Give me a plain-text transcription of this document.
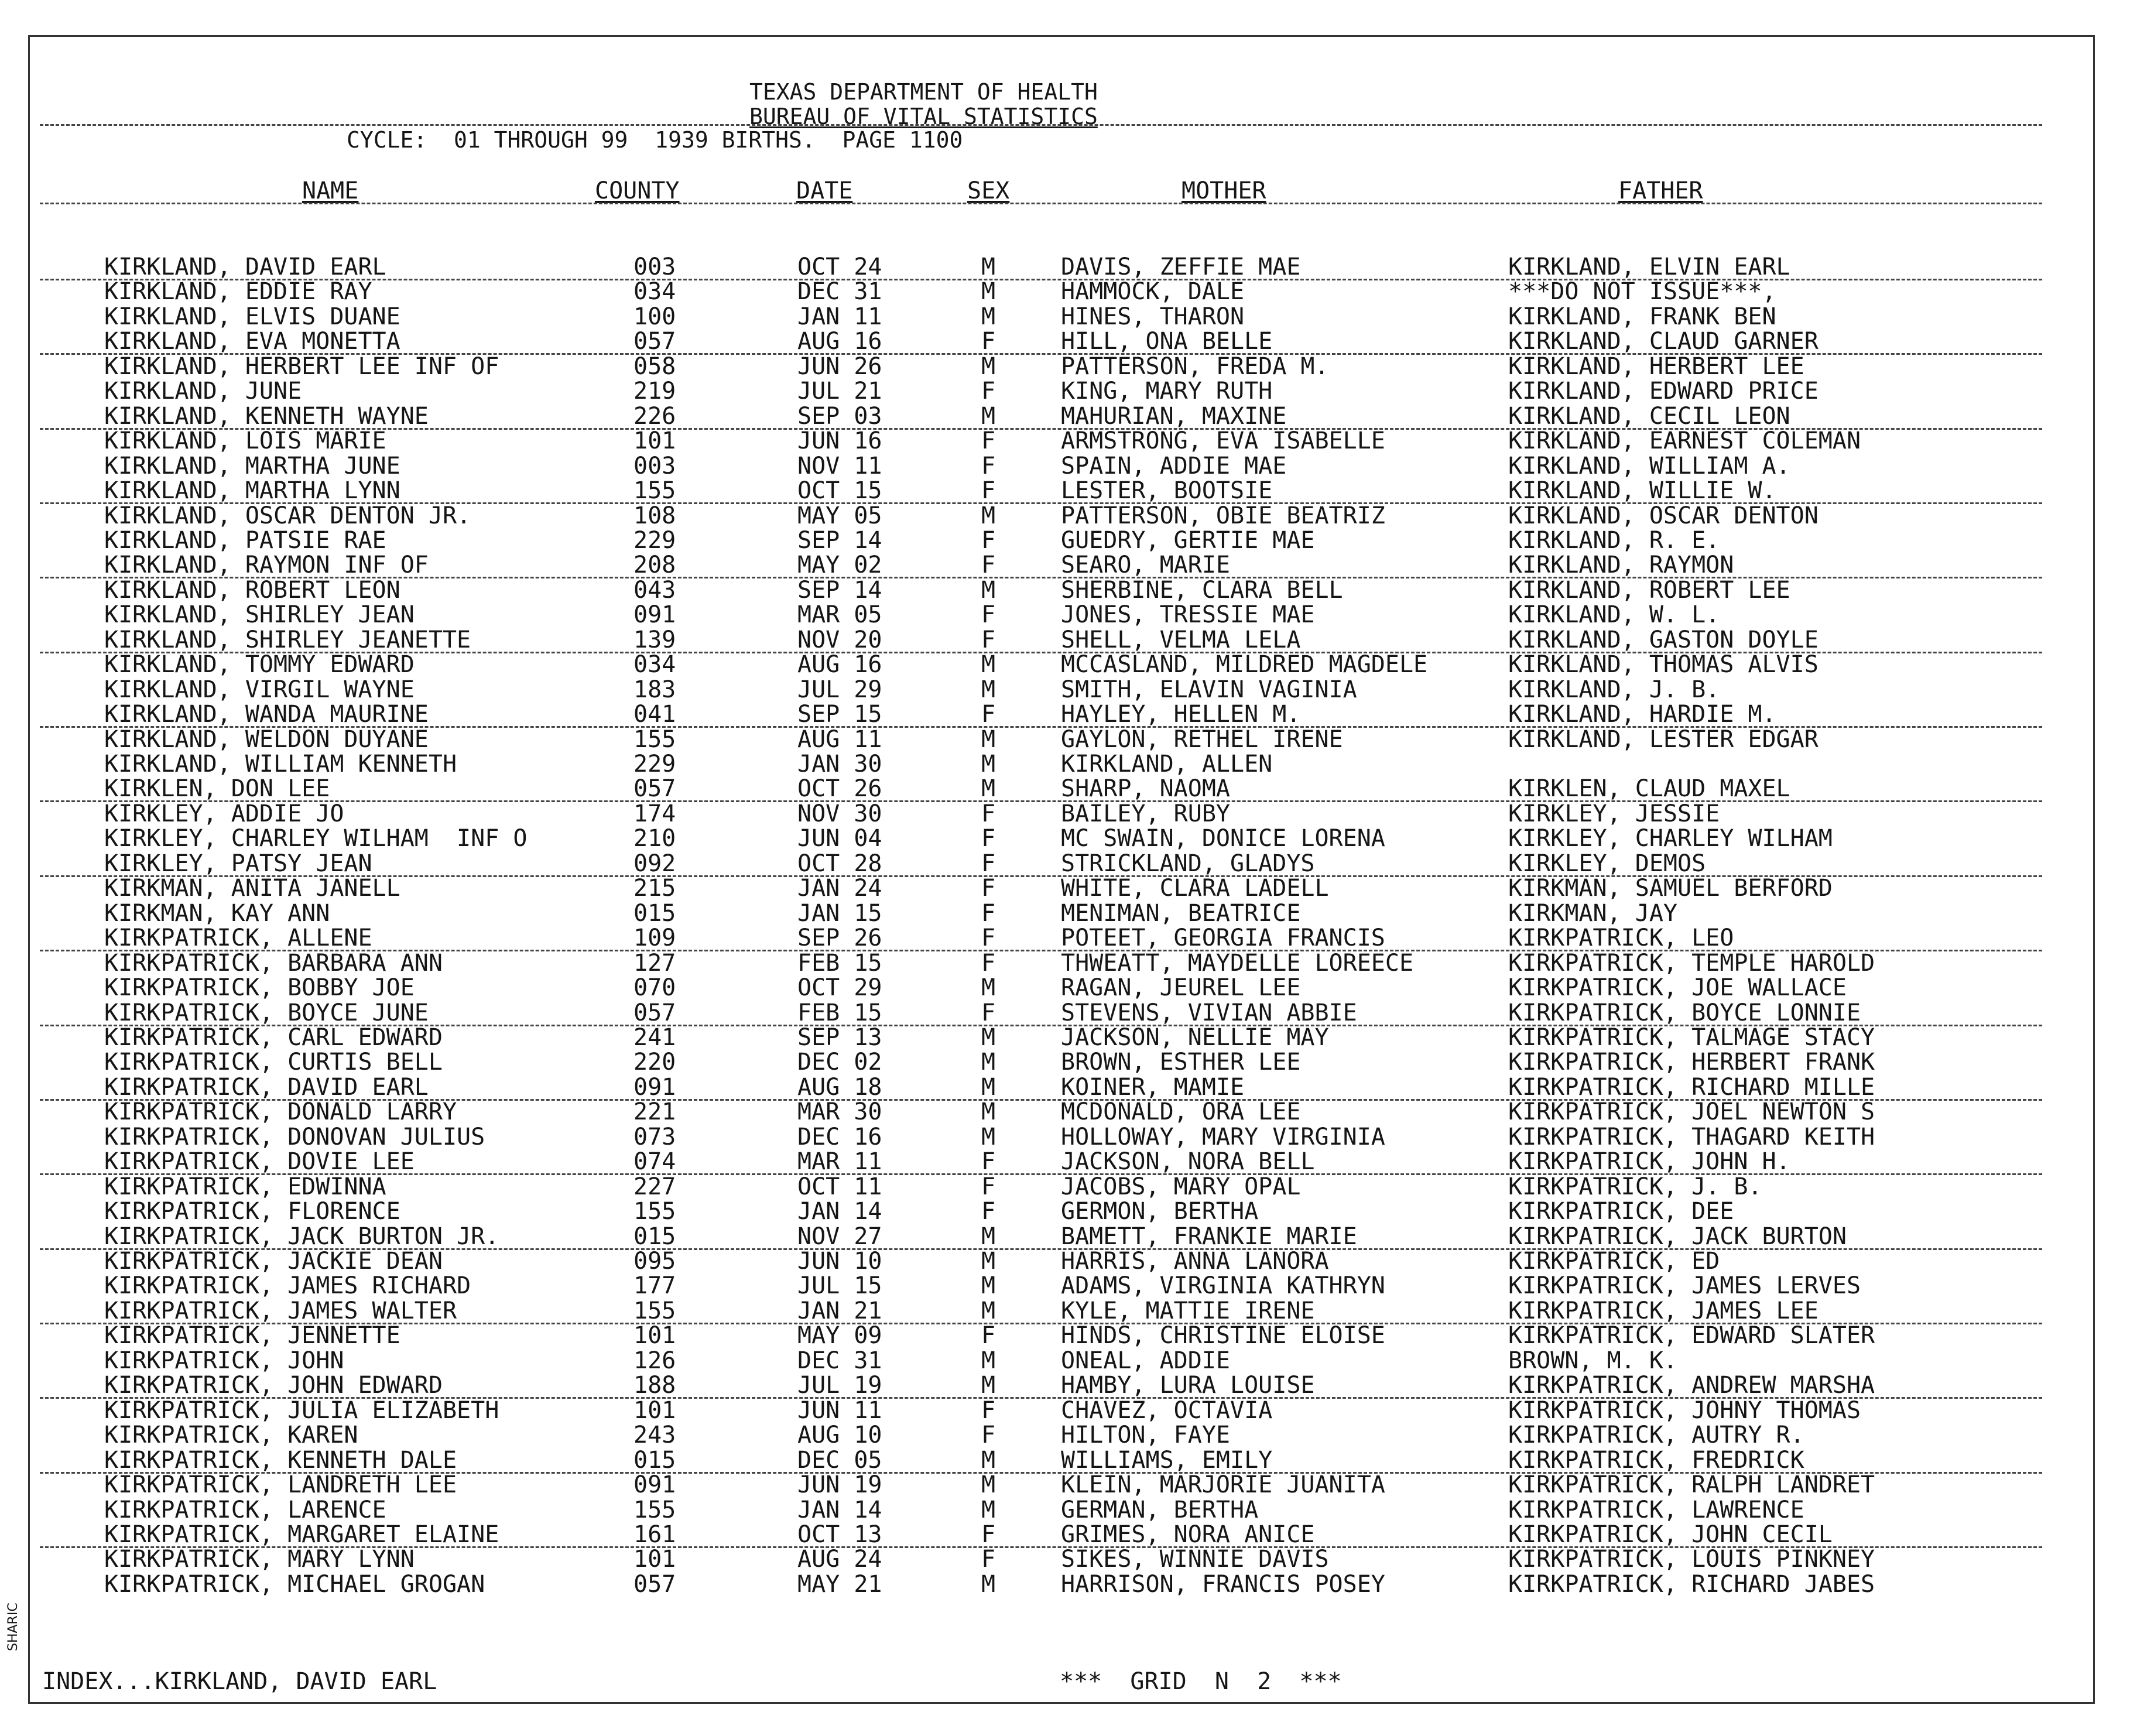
TEXAS DEPARTMENT OF HEALTH
BUREAU OF VITAL STATISTICS
CYCLE:  01 THROUGH 99  1939 BIRTHS.  PAGE 1100
NAME	COUNTY	DATE	SEX	MOTHER	FATHER
KIRKLAND, DAVID EARL	003	OCT 24	M	DAVIS, ZEFFIE MAE	KIRKLAND, ELVIN EARL
KIRKLAND, EDDIE RAY	034	DEC 31	M	HAMMOCK, DALE	***DO NOT ISSUE***,
KIRKLAND, ELVIS DUANE	100	JAN 11	M	HINES, THARON	KIRKLAND, FRANK BEN
KIRKLAND, EVA MONETTA	057	AUG 16	F	HILL, ONA BELLE	KIRKLAND, CLAUD GARNER
KIRKLAND, HERBERT LEE INF OF	058	JUN 26	M	PATTERSON, FREDA M.	KIRKLAND, HERBERT LEE
KIRKLAND, JUNE	219	JUL 21	F	KING, MARY RUTH	KIRKLAND, EDWARD PRICE
KIRKLAND, KENNETH WAYNE	226	SEP 03	M	MAHURIAN, MAXINE	KIRKLAND, CECIL LEON
KIRKLAND, LOIS MARIE	101	JUN 16	F	ARMSTRONG, EVA ISABELLE	KIRKLAND, EARNEST COLEMAN
KIRKLAND, MARTHA JUNE	003	NOV 11	F	SPAIN, ADDIE MAE	KIRKLAND, WILLIAM A.
KIRKLAND, MARTHA LYNN	155	OCT 15	F	LESTER, BOOTSIE	KIRKLAND, WILLIE W.
KIRKLAND, OSCAR DENTON JR.	108	MAY 05	M	PATTERSON, OBIE BEATRIZ	KIRKLAND, OSCAR DENTON
KIRKLAND, PATSIE RAE	229	SEP 14	F	GUEDRY, GERTIE MAE	KIRKLAND, R. E.
KIRKLAND, RAYMON INF OF	208	MAY 02	F	SEARO, MARIE	KIRKLAND, RAYMON
KIRKLAND, ROBERT LEON	043	SEP 14	M	SHERBINE, CLARA BELL	KIRKLAND, ROBERT LEE
KIRKLAND, SHIRLEY JEAN	091	MAR 05	F	JONES, TRESSIE MAE	KIRKLAND, W. L.
KIRKLAND, SHIRLEY JEANETTE	139	NOV 20	F	SHELL, VELMA LELA	KIRKLAND, GASTON DOYLE
KIRKLAND, TOMMY EDWARD	034	AUG 16	M	MCCASLAND, MILDRED MAGDELE	KIRKLAND, THOMAS ALVIS
KIRKLAND, VIRGIL WAYNE	183	JUL 29	M	SMITH, ELAVIN VAGINIA	KIRKLAND, J. B.
KIRKLAND, WANDA MAURINE	041	SEP 15	F	HAYLEY, HELLEN M.	KIRKLAND, HARDIE M.
KIRKLAND, WELDON DUYANE	155	AUG 11	M	GAYLON, RETHEL IRENE	KIRKLAND, LESTER EDGAR
KIRKLAND, WILLIAM KENNETH	229	JAN 30	M	KIRKLAND, ALLEN
KIRKLEN, DON LEE	057	OCT 26	M	SHARP, NAOMA	KIRKLEN, CLAUD MAXEL
KIRKLEY, ADDIE JO	174	NOV 30	F	BAILEY, RUBY	KIRKLEY, JESSIE
KIRKLEY, CHARLEY WILHAM  INF O	210	JUN 04	F	MC SWAIN, DONICE LORENA	KIRKLEY, CHARLEY WILHAM
KIRKLEY, PATSY JEAN	092	OCT 28	F	STRICKLAND, GLADYS	KIRKLEY, DEMOS
KIRKMAN, ANITA JANELL	215	JAN 24	F	WHITE, CLARA LADELL	KIRKMAN, SAMUEL BERFORD
KIRKMAN, KAY ANN	015	JAN 15	F	MENIMAN, BEATRICE	KIRKMAN, JAY
KIRKPATRICK, ALLENE	109	SEP 26	F	POTEET, GEORGIA FRANCIS	KIRKPATRICK, LEO
KIRKPATRICK, BARBARA ANN	127	FEB 15	F	THWEATT, MAYDELLE LOREECE	KIRKPATRICK, TEMPLE HAROLD
KIRKPATRICK, BOBBY JOE	070	OCT 29	M	RAGAN, JEUREL LEE	KIRKPATRICK, JOE WALLACE
KIRKPATRICK, BOYCE JUNE	057	FEB 15	F	STEVENS, VIVIAN ABBIE	KIRKPATRICK, BOYCE LONNIE
KIRKPATRICK, CARL EDWARD	241	SEP 13	M	JACKSON, NELLIE MAY	KIRKPATRICK, TALMAGE STACY
KIRKPATRICK, CURTIS BELL	220	DEC 02	M	BROWN, ESTHER LEE	KIRKPATRICK, HERBERT FRANK
KIRKPATRICK, DAVID EARL	091	AUG 18	M	KOINER, MAMIE	KIRKPATRICK, RICHARD MILLE
KIRKPATRICK, DONALD LARRY	221	MAR 30	M	MCDONALD, ORA LEE	KIRKPATRICK, JOEL NEWTON S
KIRKPATRICK, DONOVAN JULIUS	073	DEC 16	M	HOLLOWAY, MARY VIRGINIA	KIRKPATRICK, THAGARD KEITH
KIRKPATRICK, DOVIE LEE	074	MAR 11	F	JACKSON, NORA BELL	KIRKPATRICK, JOHN H.
KIRKPATRICK, EDWINNA	227	OCT 11	F	JACOBS, MARY OPAL	KIRKPATRICK, J. B.
KIRKPATRICK, FLORENCE	155	JAN 14	F	GERMON, BERTHA	KIRKPATRICK, DEE
KIRKPATRICK, JACK BURTON JR.	015	NOV 27	M	BAMETT, FRANKIE MARIE	KIRKPATRICK, JACK BURTON
KIRKPATRICK, JACKIE DEAN	095	JUN 10	M	HARRIS, ANNA LANORA	KIRKPATRICK, ED
KIRKPATRICK, JAMES RICHARD	177	JUL 15	M	ADAMS, VIRGINIA KATHRYN	KIRKPATRICK, JAMES LERVES
KIRKPATRICK, JAMES WALTER	155	JAN 21	M	KYLE, MATTIE IRENE	KIRKPATRICK, JAMES LEE
KIRKPATRICK, JENNETTE	101	MAY 09	F	HINDS, CHRISTINE ELOISE	KIRKPATRICK, EDWARD SLATER
KIRKPATRICK, JOHN	126	DEC 31	M	ONEAL, ADDIE	BROWN, M. K.
KIRKPATRICK, JOHN EDWARD	188	JUL 19	M	HAMBY, LURA LOUISE	KIRKPATRICK, ANDREW MARSHA
KIRKPATRICK, JULIA ELIZABETH	101	JUN 11	F	CHAVEZ, OCTAVIA	KIRKPATRICK, JOHNY THOMAS
KIRKPATRICK, KAREN	243	AUG 10	F	HILTON, FAYE	KIRKPATRICK, AUTRY R.
KIRKPATRICK, KENNETH DALE	015	DEC 05	M	WILLIAMS, EMILY	KIRKPATRICK, FREDRICK
KIRKPATRICK, LANDRETH LEE	091	JUN 19	M	KLEIN, MARJORIE JUANITA	KIRKPATRICK, RALPH LANDRET
KIRKPATRICK, LARENCE	155	JAN 14	M	GERMAN, BERTHA	KIRKPATRICK, LAWRENCE
KIRKPATRICK, MARGARET ELAINE	161	OCT 13	F	GRIMES, NORA ANICE	KIRKPATRICK, JOHN CECIL
KIRKPATRICK, MARY LYNN	101	AUG 24	F	SIKES, WINNIE DAVIS	KIRKPATRICK, LOUIS PINKNEY
KIRKPATRICK, MICHAEL GROGAN	057	MAY 21	M	HARRISON, FRANCIS POSEY	KIRKPATRICK, RICHARD JABES
INDEX...KIRKLAND, DAVID EARL	***  GRID  N  2  ***
SHARIC
